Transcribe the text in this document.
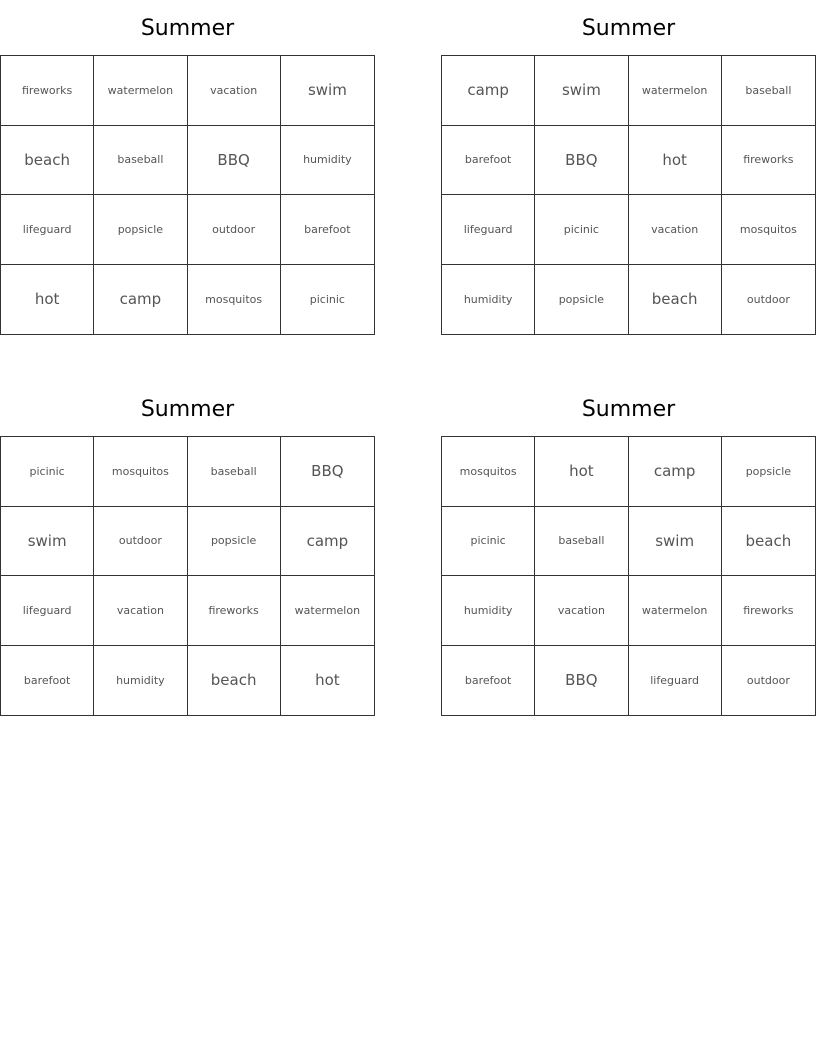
Summer
fireworks	watermelon	vacation	swim
beach	baseball	BBQ	humidity
lifeguard	popsicle	outdoor	barefoot
hot	camp	mosquitos	picinic
Summer
camp	swim	watermelon	baseball
barefoot	BBQ	hot	fireworks
lifeguard	picinic	vacation	mosquitos
humidity	popsicle	beach	outdoor
Summer
picinic	mosquitos	baseball	BBQ
swim	outdoor	popsicle	camp
lifeguard	vacation	fireworks	watermelon
barefoot	humidity	beach	hot
Summer
mosquitos	hot	camp	popsicle
picinic	baseball	swim	beach
humidity	vacation	watermelon	fireworks
barefoot	BBQ	lifeguard	outdoor
